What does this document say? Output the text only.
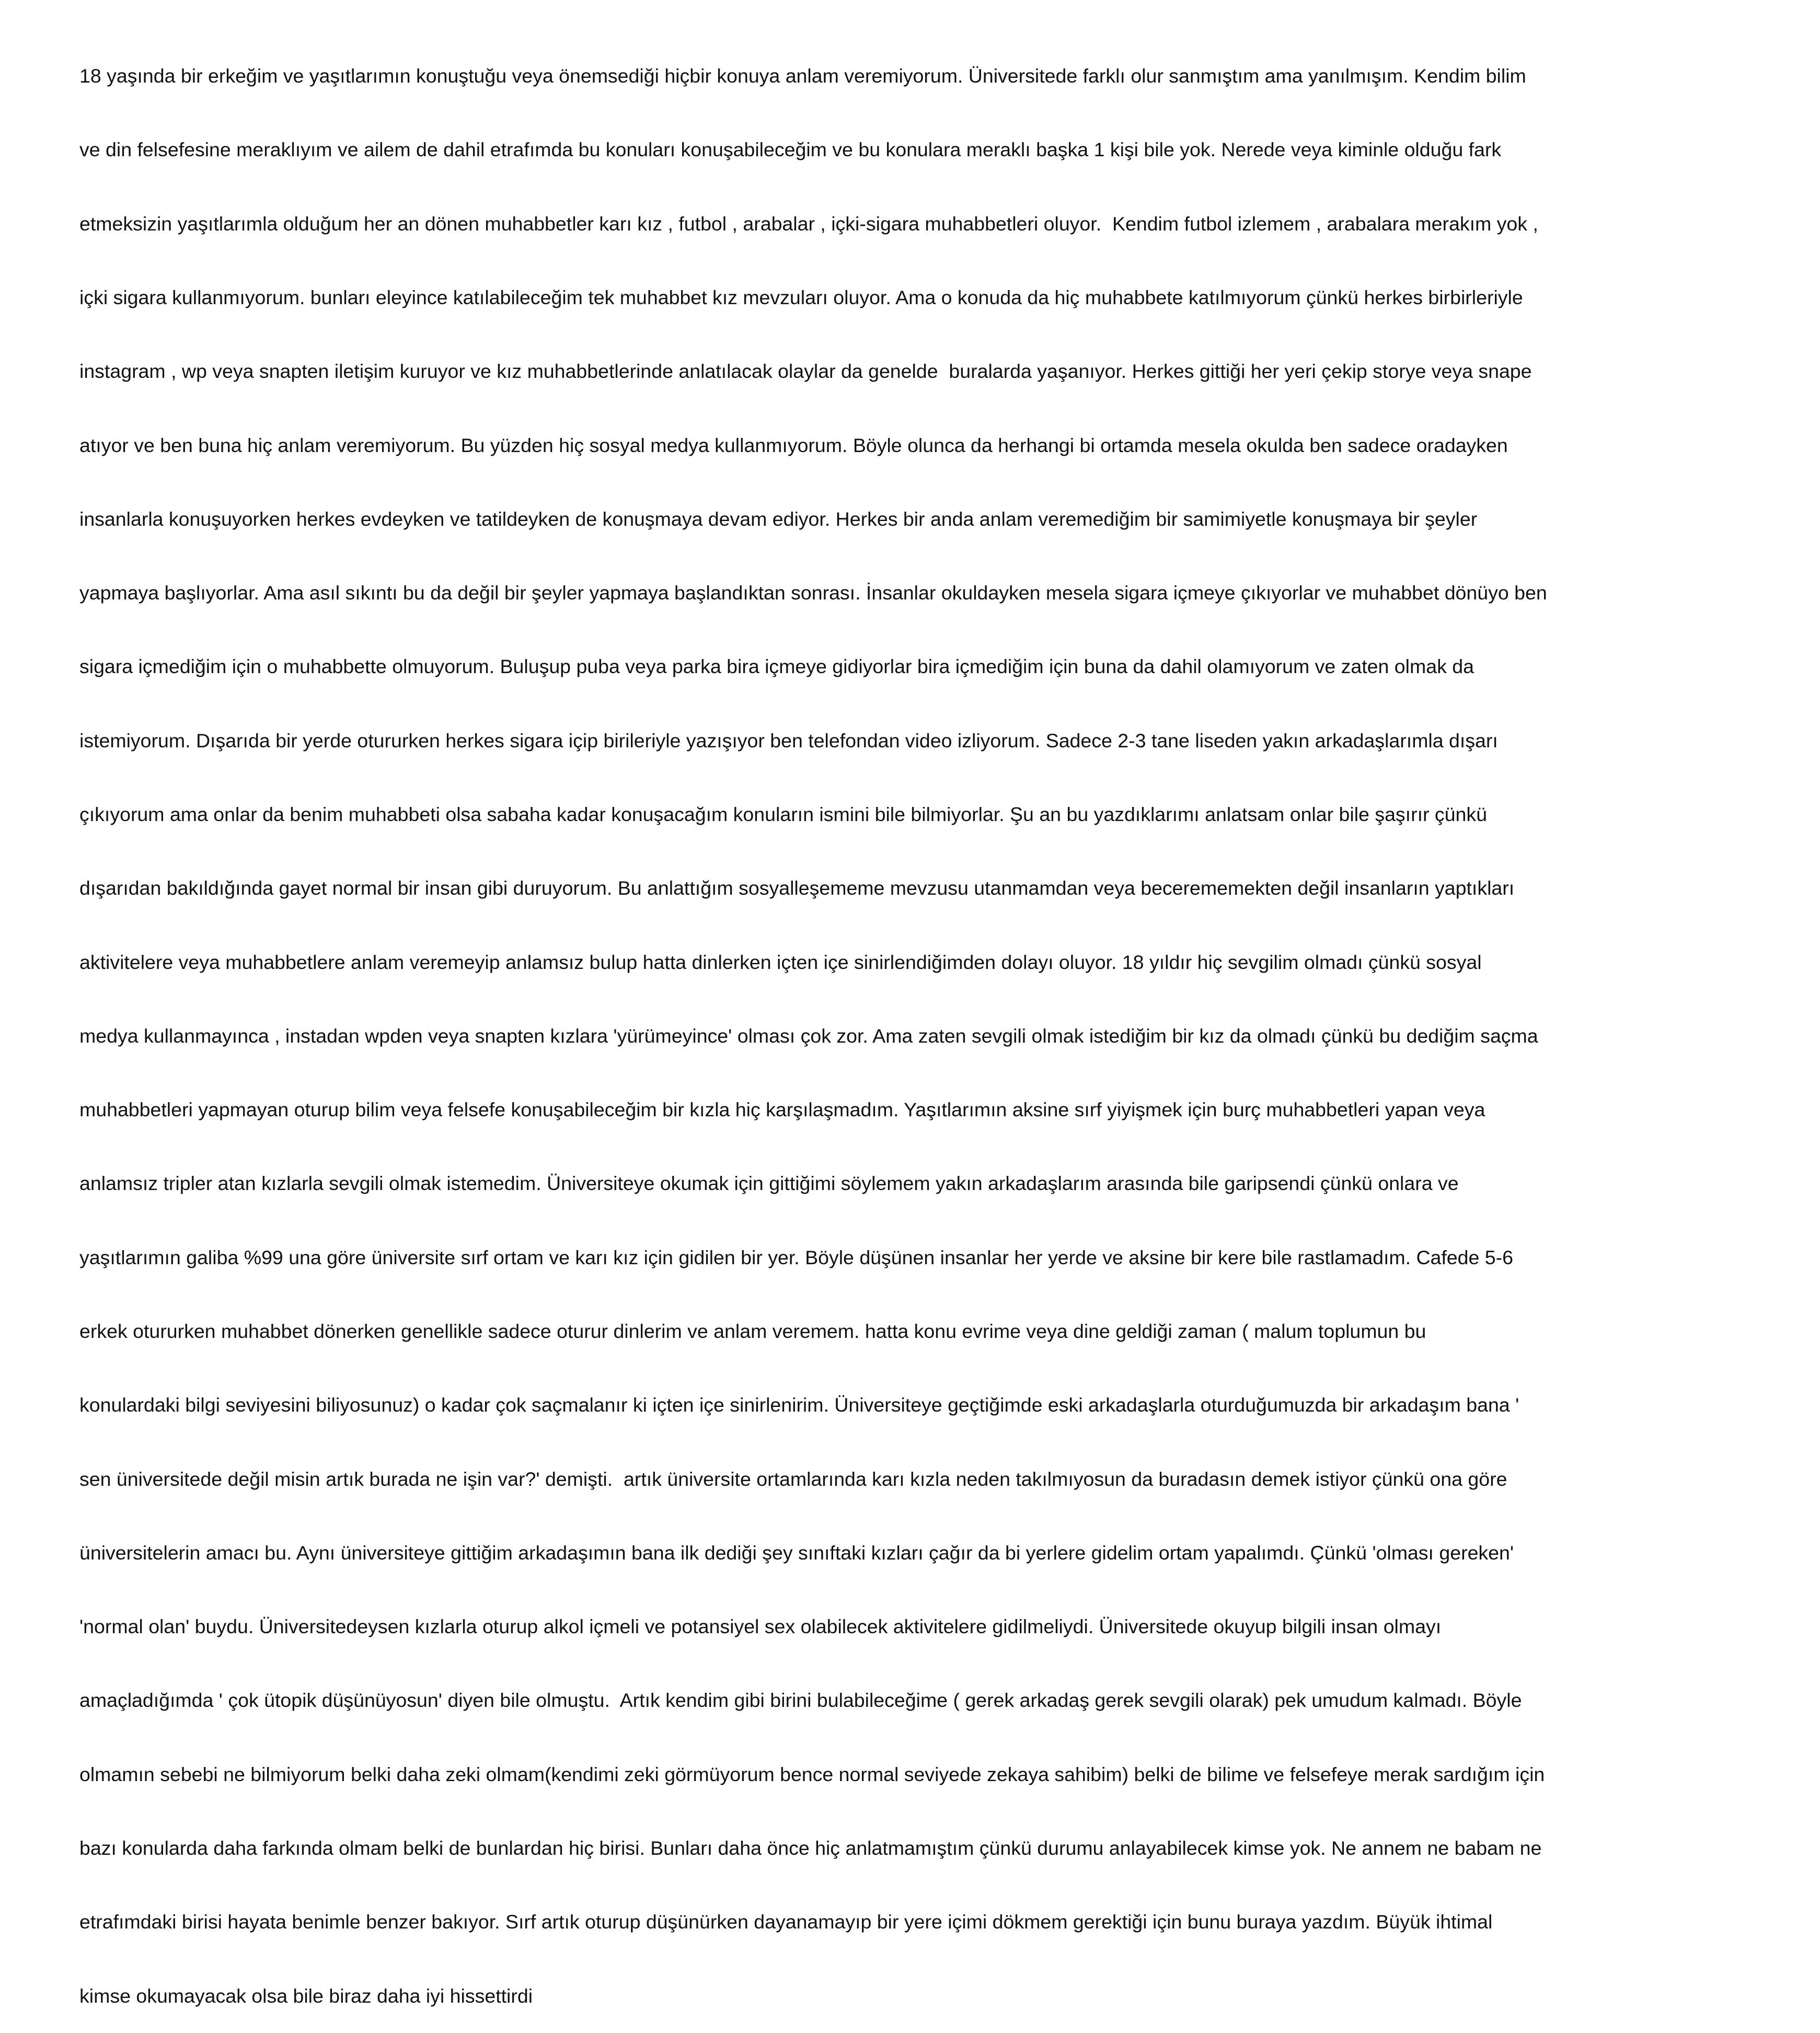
18 yaşında bir erkeğim ve yaşıtlarımın konuştuğu veya önemsediği hiçbir konuya anlam veremiyorum. Üniversitede farklı olur sanmıştım ama yanılmışım. Kendim bilim

ve din felsefesine meraklıyım ve ailem de dahil etrafımda bu konuları konuşabileceğim ve bu konulara meraklı başka 1 kişi bile yok. Nerede veya kiminle olduğu fark

etmeksizin yaşıtlarımla olduğum her an dönen muhabbetler karı kız , futbol , arabalar , içki-sigara muhabbetleri oluyor.  Kendim futbol izlemem , arabalara merakım yok ,

içki sigara kullanmıyorum. bunları eleyince katılabileceğim tek muhabbet kız mevzuları oluyor. Ama o konuda da hiç muhabbete katılmıyorum çünkü herkes birbirleriyle

instagram , wp veya snapten iletişim kuruyor ve kız muhabbetlerinde anlatılacak olaylar da genelde  buralarda yaşanıyor. Herkes gittiği her yeri çekip storye veya snape

atıyor ve ben buna hiç anlam veremiyorum. Bu yüzden hiç sosyal medya kullanmıyorum. Böyle olunca da herhangi bi ortamda mesela okulda ben sadece oradayken

insanlarla konuşuyorken herkes evdeyken ve tatildeyken de konuşmaya devam ediyor. Herkes bir anda anlam veremediğim bir samimiyetle konuşmaya bir şeyler

yapmaya başlıyorlar. Ama asıl sıkıntı bu da değil bir şeyler yapmaya başlandıktan sonrası. İnsanlar okuldayken mesela sigara içmeye çıkıyorlar ve muhabbet dönüyo ben

sigara içmediğim için o muhabbette olmuyorum. Buluşup puba veya parka bira içmeye gidiyorlar bira içmediğim için buna da dahil olamıyorum ve zaten olmak da

istemiyorum. Dışarıda bir yerde otururken herkes sigara içip birileriyle yazışıyor ben telefondan video izliyorum. Sadece 2-3 tane liseden yakın arkadaşlarımla dışarı

çıkıyorum ama onlar da benim muhabbeti olsa sabaha kadar konuşacağım konuların ismini bile bilmiyorlar. Şu an bu yazdıklarımı anlatsam onlar bile şaşırır çünkü

dışarıdan bakıldığında gayet normal bir insan gibi duruyorum. Bu anlattığım sosyalleşememe mevzusu utanmamdan veya becerememekten değil insanların yaptıkları

aktivitelere veya muhabbetlere anlam veremeyip anlamsız bulup hatta dinlerken içten içe sinirlendiğimden dolayı oluyor. 18 yıldır hiç sevgilim olmadı çünkü sosyal

medya kullanmayınca , instadan wpden veya snapten kızlara 'yürümeyince' olması çok zor. Ama zaten sevgili olmak istediğim bir kız da olmadı çünkü bu dediğim saçma

muhabbetleri yapmayan oturup bilim veya felsefe konuşabileceğim bir kızla hiç karşılaşmadım. Yaşıtlarımın aksine sırf yiyişmek için burç muhabbetleri yapan veya

anlamsız tripler atan kızlarla sevgili olmak istemedim. Üniversiteye okumak için gittiğimi söylemem yakın arkadaşlarım arasında bile garipsendi çünkü onlara ve

yaşıtlarımın galiba %99 una göre üniversite sırf ortam ve karı kız için gidilen bir yer. Böyle düşünen insanlar her yerde ve aksine bir kere bile rastlamadım. Cafede 5-6

erkek otururken muhabbet dönerken genellikle sadece oturur dinlerim ve anlam veremem. hatta konu evrime veya dine geldiği zaman ( malum toplumun bu

konulardaki bilgi seviyesini biliyosunuz) o kadar çok saçmalanır ki içten içe sinirlenirim. Üniversiteye geçtiğimde eski arkadaşlarla oturduğumuzda bir arkadaşım bana '

sen üniversitede değil misin artık burada ne işin var?' demişti.  artık üniversite ortamlarında karı kızla neden takılmıyosun da buradasın demek istiyor çünkü ona göre

üniversitelerin amacı bu. Aynı üniversiteye gittiğim arkadaşımın bana ilk dediği şey sınıftaki kızları çağır da bi yerlere gidelim ortam yapalımdı. Çünkü 'olması gereken'

'normal olan' buydu. Üniversitedeysen kızlarla oturup alkol içmeli ve potansiyel sex olabilecek aktivitelere gidilmeliydi. Üniversitede okuyup bilgili insan olmayı

amaçladığımda ' çok ütopik düşünüyosun' diyen bile olmuştu.  Artık kendim gibi birini bulabileceğime ( gerek arkadaş gerek sevgili olarak) pek umudum kalmadı. Böyle

olmamın sebebi ne bilmiyorum belki daha zeki olmam(kendimi zeki görmüyorum bence normal seviyede zekaya sahibim) belki de bilime ve felsefeye merak sardığım için

bazı konularda daha farkında olmam belki de bunlardan hiç birisi. Bunları daha önce hiç anlatmamıştım çünkü durumu anlayabilecek kimse yok. Ne annem ne babam ne

etrafımdaki birisi hayata benimle benzer bakıyor. Sırf artık oturup düşünürken dayanamayıp bir yere içimi dökmem gerektiği için bunu buraya yazdım. Büyük ihtimal

kimse okumayacak olsa bile biraz daha iyi hissettirdi
